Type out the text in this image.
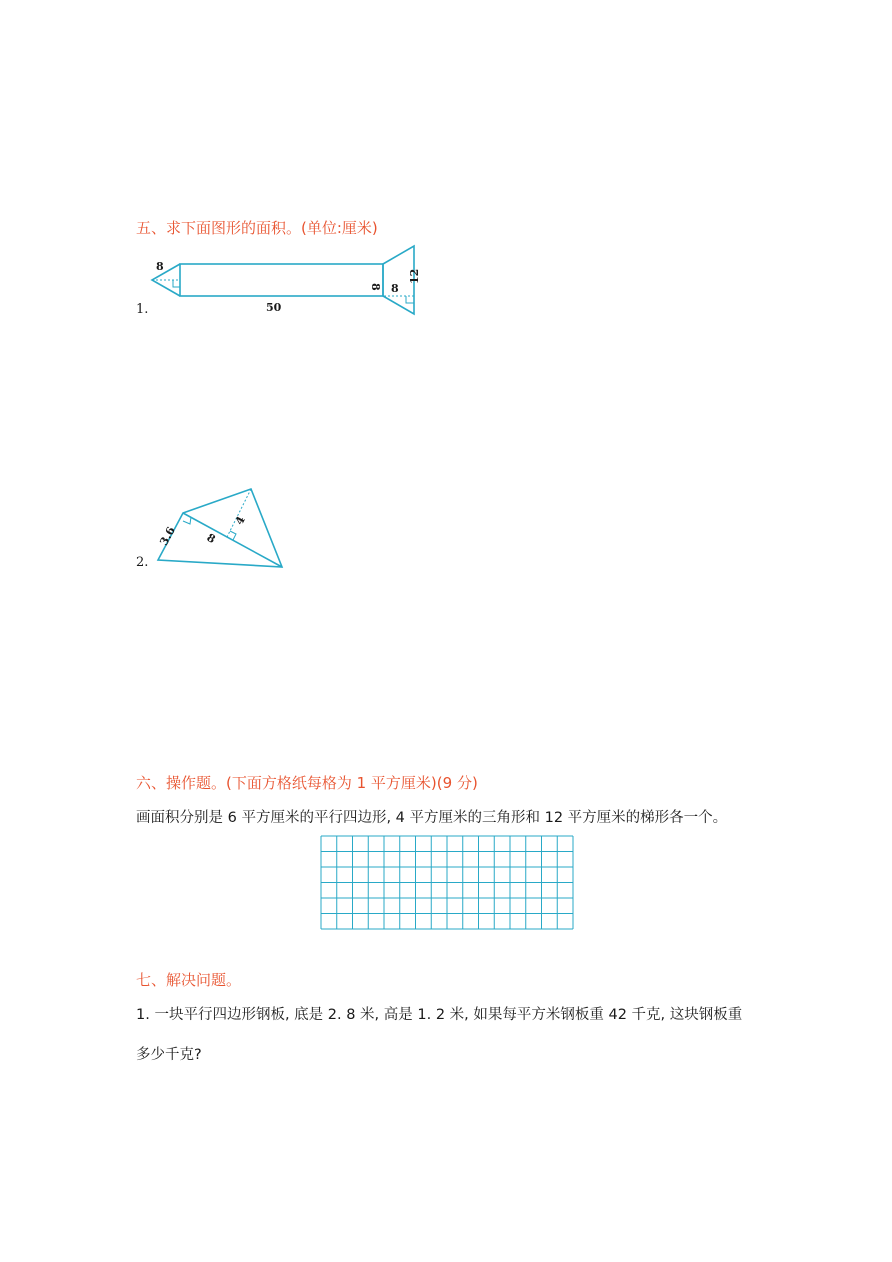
五、求下面图形的面积。(单位:厘米)
1.
8
50
8 8
12
2.
3.6 8
4
六、操作题。(下面方格纸每格为 1 平方厘米)(9 分)
画面积分别是 6 平方厘米的平行四边形, 4 平方厘米的三角形和 12 平方厘米的梯形各一个。
七、解决问题。
1. 一块平行四边形钢板, 底是 2. 8 米, 高是 1. 2 米, 如果每平方米钢板重 42 千克, 这块钢板重
多少千克?
